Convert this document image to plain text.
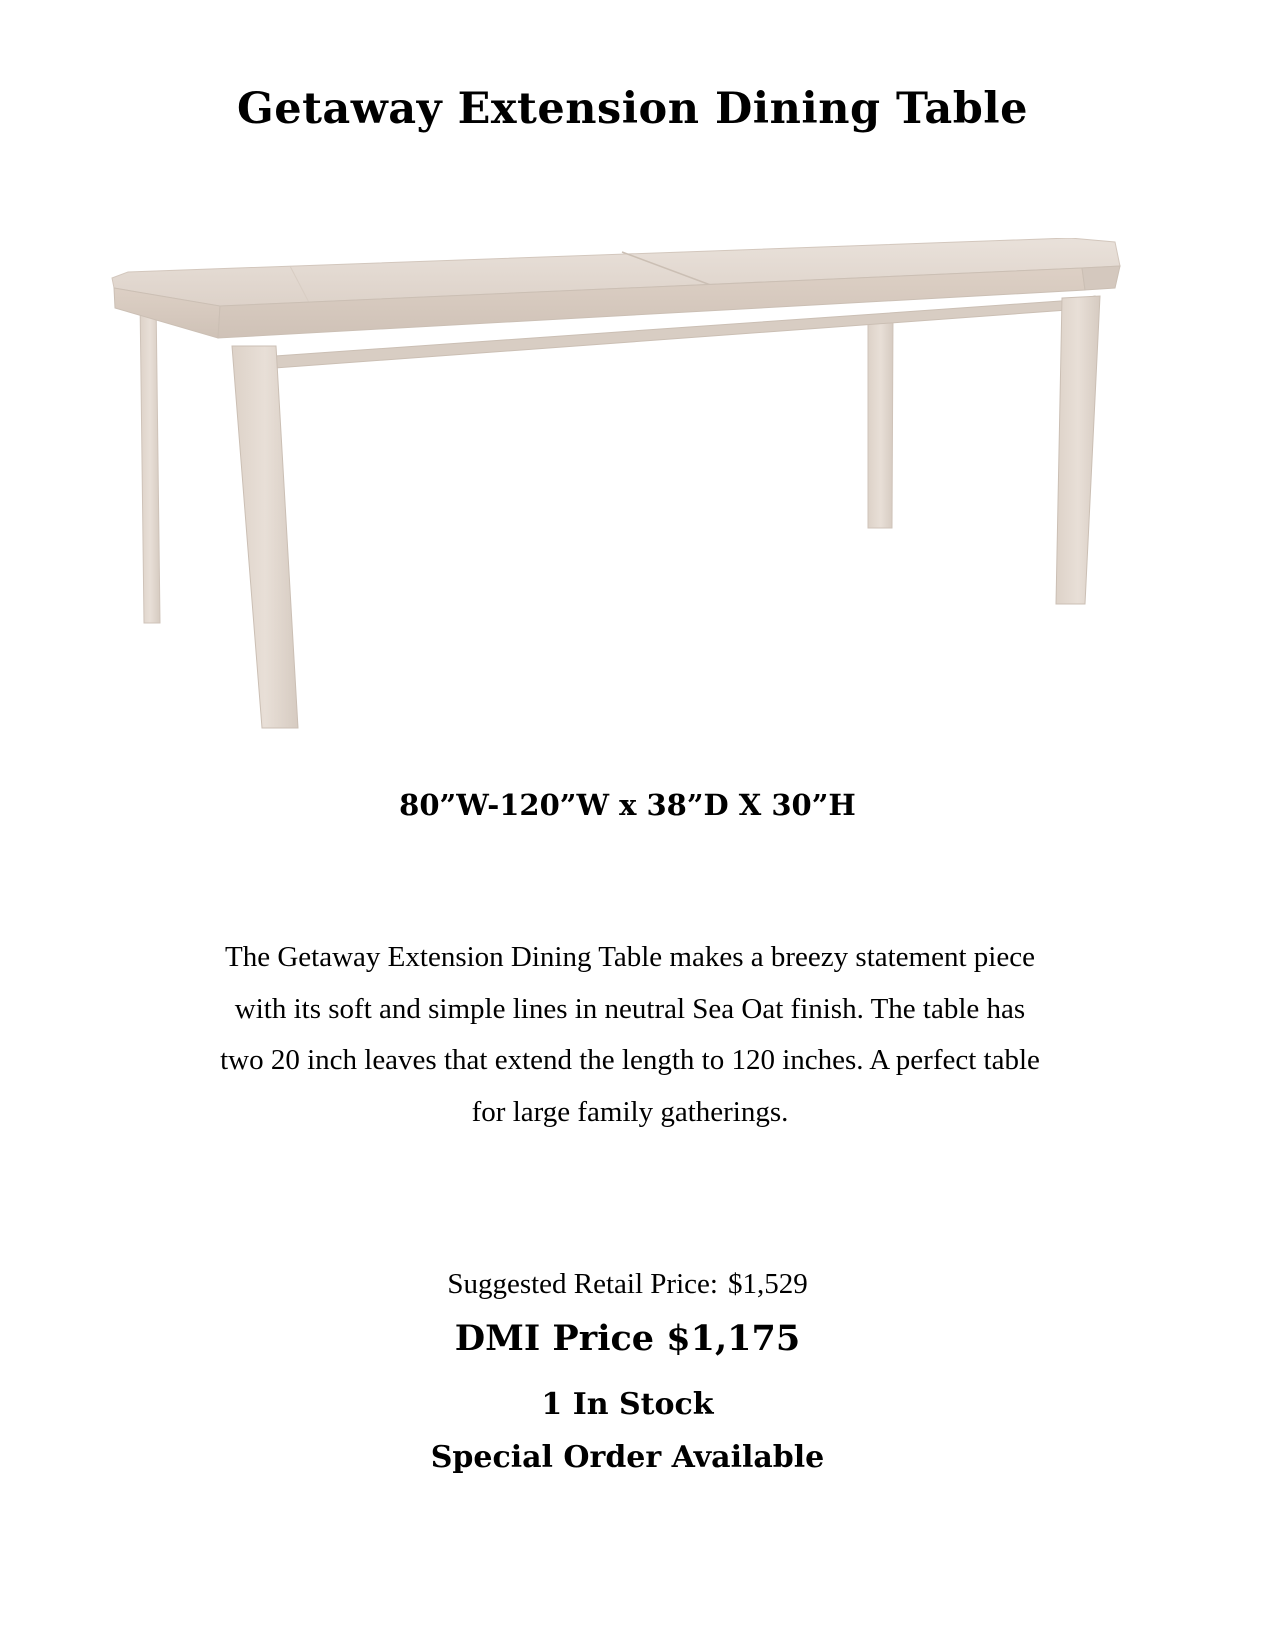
Getaway Extension Dining Table
80”W-120”W x 38”D X 30”H
The Getaway Extension Dining Table makes a breezy statement piece
with its soft and simple lines in neutral Sea Oat finish. The table has
two 20 inch leaves that extend the length to 120 inches. A perfect table
for large family gatherings.
Suggested Retail Price: $1,529
DMI Price $1,175
1 In Stock
Special Order Available
